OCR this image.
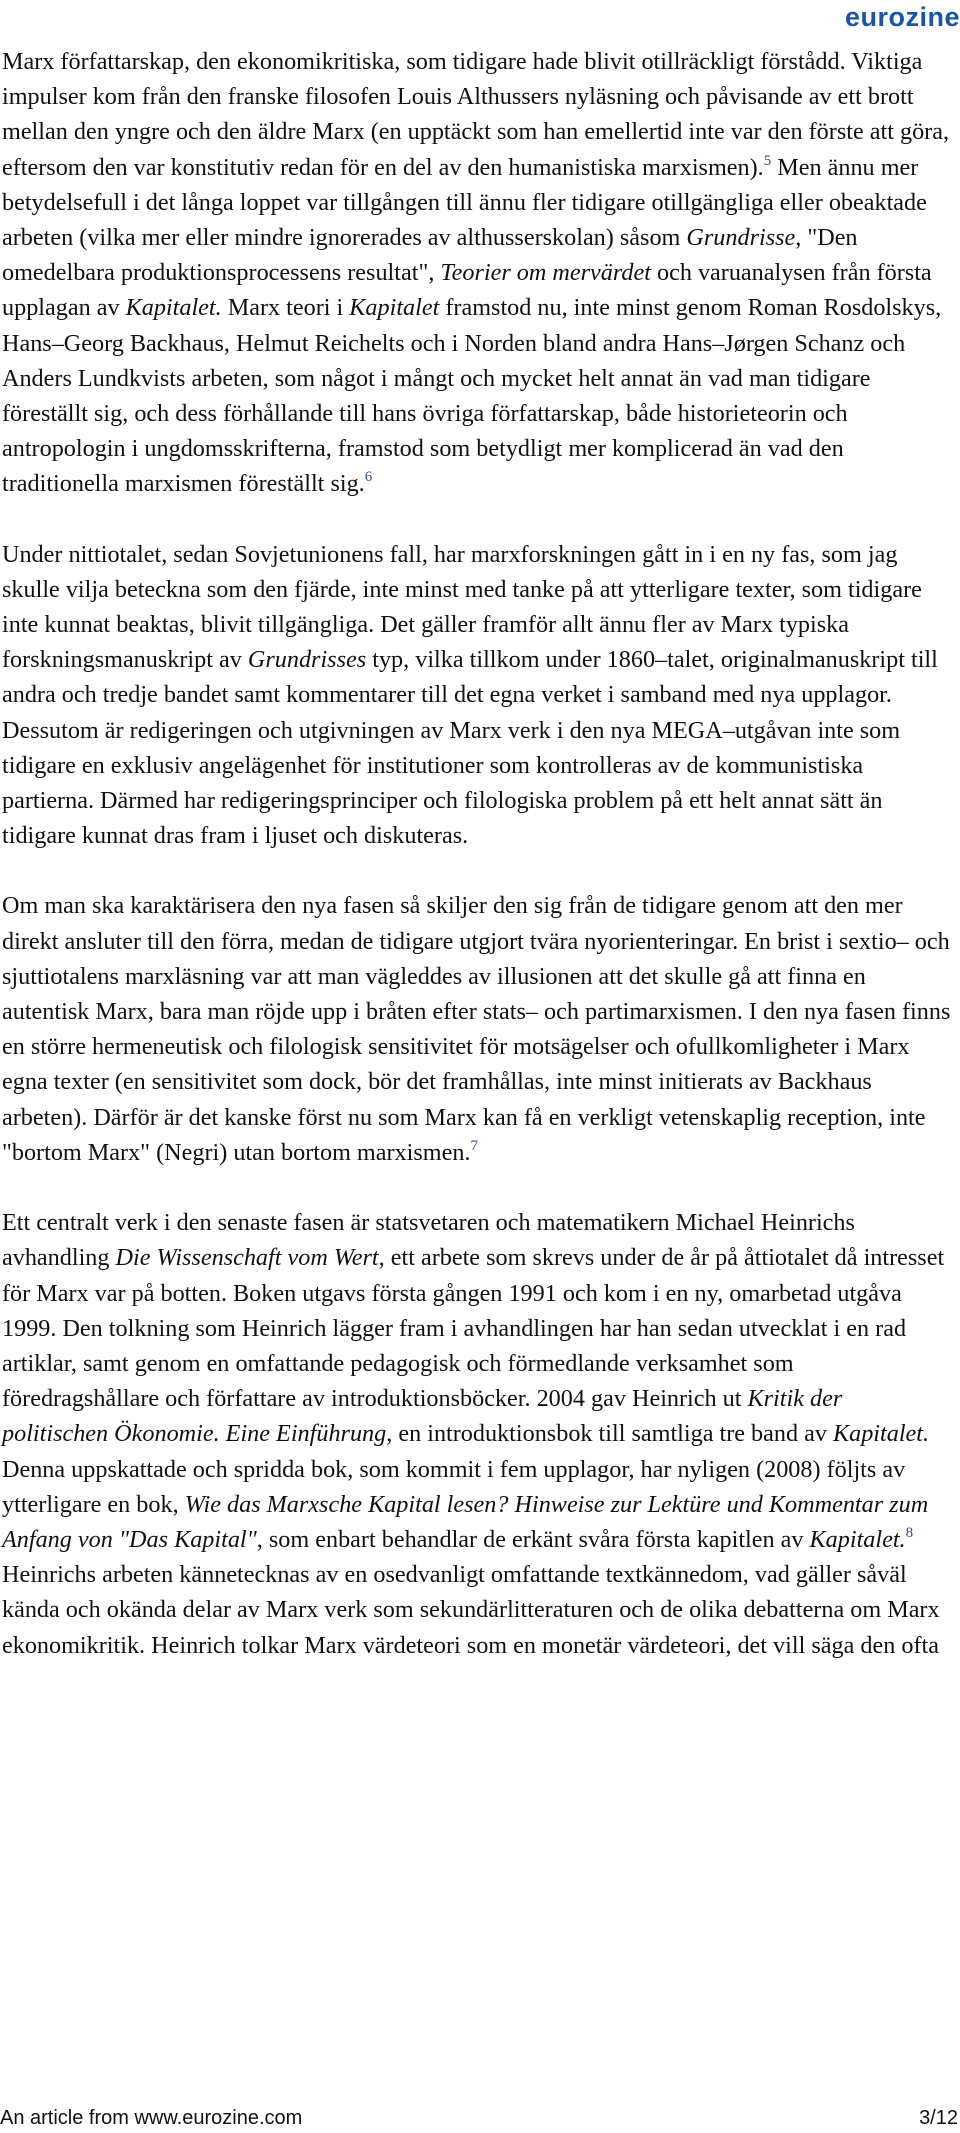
eurozine

Marx författarskap, den ekonomikritiska, som tidigare hade blivit otillräckligt förstådd. Viktiga impulser kom från den franske filosofen Louis Althussers nyläsning och påvisande av ett brott mellan den yngre och den äldre Marx (en upptäckt som han emellertid inte var den förste att göra, eftersom den var konstitutiv redan för en del av den humanistiska marxismen).$^5$ Men ännu mer betydelsefull i det långa loppet var tillgången till ännu fler tidigare otillgängliga eller obeaktade arbeten (vilka mer eller mindre ignorerades av althusserskolan) såsom Grundrisse, "Den omedelbara produktionsprocessens resultat", Teorier om mervärdet och varuanalysen från första upplagan av Kapitalet. Marx teori i Kapitalet framstod nu, inte minst genom Roman Rosdolskys, Hans–Georg Backhaus, Helmut Reichelts och i Norden bland andra Hans–Jørgen Schanz och Anders Lundkvists arbeten, som något i mångt och mycket helt annat än vad man tidigare föreställt sig, och dess förhållande till hans övriga författarskap, både historieteorin och antropologin i ungdomsskrifterna, framstod som betydligt mer komplicerad än vad den traditionella marxismen föreställt sig.$^6$

Under nittiotalet, sedan Sovjetunionens fall, har marxforskningen gått in i en ny fas, som jag skulle vilja beteckna som den fjärde, inte minst med tanke på att ytterligare texter, som tidigare inte kunnat beaktas, blivit tillgängliga. Det gäller framför allt ännu fler av Marx typiska forskningsmanuskript av Grundrisses typ, vilka tillkom under 1860–talet, originalmanuskript till andra och tredje bandet samt kommentarer till det egna verket i samband med nya upplagor. Dessutom är redigeringen och utgivningen av Marx verk i den nya MEGA–utgåvan inte som tidigare en exklusiv angelägenhet för institutioner som kontrolleras av de kommunistiska partierna. Därmed har redigeringsprinciper och filologiska problem på ett helt annat sätt än tidigare kunnat dras fram i ljuset och diskuteras.

Om man ska karaktärisera den nya fasen så skiljer den sig från de tidigare genom att den mer direkt ansluter till den förra, medan de tidigare utgjort tvära nyorienteringar. En brist i sextio– och sjuttiotalens marxläsning var att man vägleddes av illusionen att det skulle gå att finna en autentisk Marx, bara man röjde upp i bråten efter stats– och partimarxismen. I den nya fasen finns en större hermeneutisk och filologisk sensitivitet för motsägelser och ofullkomligheter i Marx egna texter (en sensitivitet som dock, bör det framhållas, inte minst initierats av Backhaus arbeten). Därför är det kanske först nu som Marx kan få en verkligt vetenskaplig reception, inte "bortom Marx" (Negri) utan bortom marxismen.$^7$

Ett centralt verk i den senaste fasen är statsvetaren och matematikern Michael Heinrichs avhandling Die Wissenschaft vom Wert, ett arbete som skrevs under de år på åttiotalet då intresset för Marx var på botten. Boken utgavs första gången 1991 och kom i en ny, omarbetad utgåva 1999. Den tolkning som Heinrich lägger fram i avhandlingen har han sedan utvecklat i en rad artiklar, samt genom en omfattande pedagogisk och förmedlande verksamhet som föredragshållare och författare av introduktionsböcker. 2004 gav Heinrich ut Kritik der politischen Ökonomie. Eine Einführung, en introduktionsbok till samtliga tre band av Kapitalet. Denna uppskattade och spridda bok, som kommit i fem upplagor, har nyligen (2008) följts av ytterligare en bok, Wie das Marxsche Kapital lesen? Hinweise zur Lektüre und Kommentar zum Anfang von "Das Kapital", som enbart behandlar de erkänt svåra första kapitlen av Kapitalet.$^8$ Heinrichs arbeten kännetecknas av en osedvanligt omfattande textkännedom, vad gäller såväl kända och okända delar av Marx verk som sekundärlitteraturen och de olika debatterna om Marx ekonomikritik. Heinrich tolkar Marx värdeteori som en monetär värdeteori, det vill säga den ofta

An article from www.eurozine.com	3/12
